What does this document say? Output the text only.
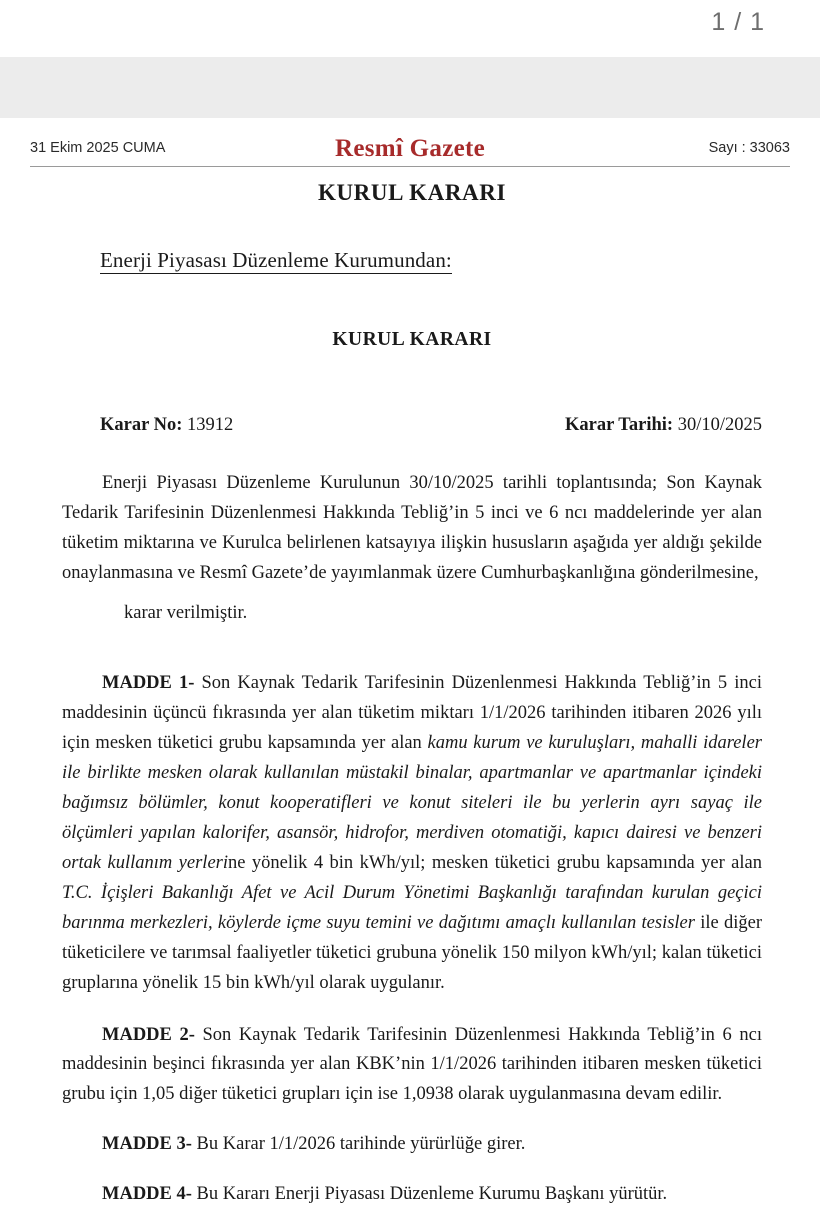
1 / 1
31 Ekim 2025 CUMA	Resmî Gazete	Sayı : 33063
KURUL KARARI

Enerji Piyasası Düzenleme Kurumundan:

KURUL KARARI
Karar No: 13912	Karar Tarihi: 30/10/2025

Enerji Piyasası Düzenleme Kurulunun 30/10/2025 tarihli toplantısında; Son Kaynak Tedarik Tarifesinin Düzenlenmesi Hakkında Tebliğ’in 5 inci ve 6 ncı maddelerinde yer alan tüketim miktarına ve Kurulca belirlenen katsayıya ilişkin hususların aşağıda yer aldığı şekilde onaylanmasına ve Resmî Gazete’de yayımlanmak üzere Cumhurbaşkanlığına gönderilmesine,

karar verilmiştir.

MADDE 1- Son Kaynak Tedarik Tarifesinin Düzenlenmesi Hakkında Tebliğ’in 5 inci maddesinin üçüncü fıkrasında yer alan tüketim miktarı 1/1/2026 tarihinden itibaren 2026 yılı için mesken tüketici grubu kapsamında yer alan kamu kurum ve kuruluşları, mahalli idareler ile birlikte mesken olarak kullanılan müstakil binalar, apartmanlar ve apartmanlar içindeki bağımsız bölümler, konut kooperatifleri ve konut siteleri ile bu yerlerin ayrı sayaç ile ölçümleri yapılan kalorifer, asansör, hidrofor, merdiven otomatiği, kapıcı dairesi ve benzeri ortak kullanım yerlerine yönelik 4 bin kWh/yıl; mesken tüketici grubu kapsamında yer alan T.C. İçişleri Bakanlığı Afet ve Acil Durum Yönetimi Başkanlığı tarafından kurulan geçici barınma merkezleri, köylerde içme suyu temini ve dağıtımı amaçlı kullanılan tesisler ile diğer tüketicilere ve tarımsal faaliyetler tüketici grubuna yönelik 150 milyon kWh/yıl; kalan tüketici gruplarına yönelik 15 bin kWh/yıl olarak uygulanır.

MADDE 2- Son Kaynak Tedarik Tarifesinin Düzenlenmesi Hakkında Tebliğ’in 6 ncı maddesinin beşinci fıkrasında yer alan KBK’nin 1/1/2026 tarihinden itibaren mesken tüketici grubu için 1,05 diğer tüketici grupları için ise 1,0938 olarak uygulanmasına devam edilir.

MADDE 3- Bu Karar 1/1/2026 tarihinde yürürlüğe girer.

MADDE 4- Bu Kararı Enerji Piyasası Düzenleme Kurumu Başkanı yürütür.
